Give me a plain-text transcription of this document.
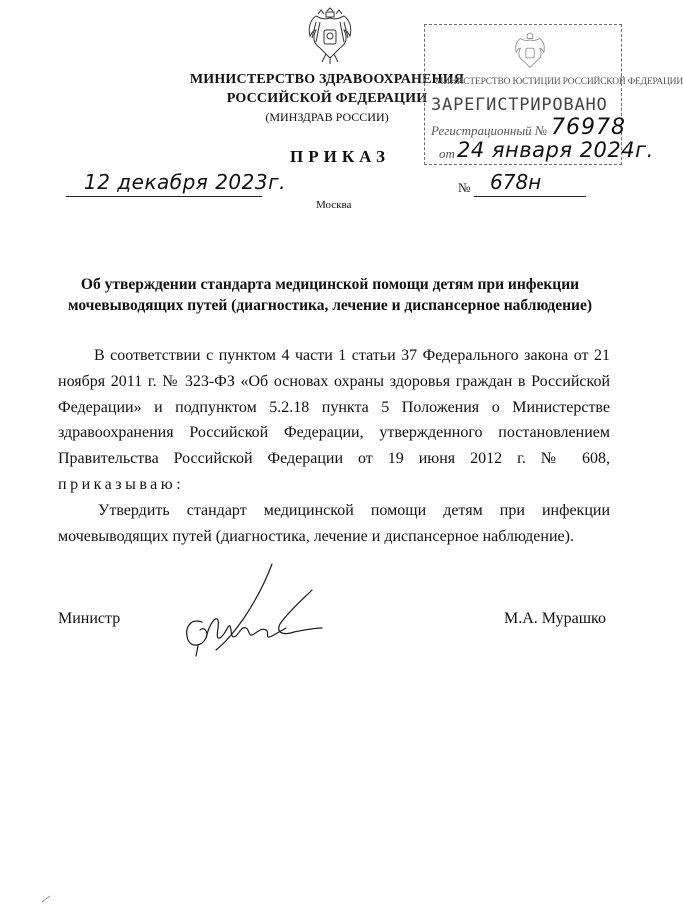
МИНИСТЕРСТВО ЗДРАВООХРАНЕНИЯ
РОССИЙСКОЙ ФЕДЕРАЦИИ
(МИНЗДРАВ РОССИИ)
МИНИСТЕРСТВО ЮСТИЦИИ РОССИЙСКОЙ ФЕДЕРАЦИИ
ЗАРЕГИСТРИРОВАНО
Регистрационный № 76978
от 24 января 2024г.
ПРИКАЗ
12 декабря 2023г.	№ 678н
Москва
Об утверждении стандарта медицинской помощи детям при инфекции
мочевыводящих путей (диагностика, лечение и диспансерное наблюдение)
В соответствии с пунктом 4 части 1 статьи 37 Федерального закона от 21 ноября 2011 г. № 323-ФЗ «Об основах охраны здоровья граждан в Российской Федерации» и подпунктом 5.2.18 пункта 5 Положения о Министерстве здравоохранения Российской Федерации, утвержденного постановлением Правительства Российской Федерации от 19 июня 2012 г. № 608, приказываю:
Утвердить стандарт медицинской помощи детям при инфекции мочевыводящих путей (диагностика, лечение и диспансерное наблюдение).
Министр	М.А. Мурашко
